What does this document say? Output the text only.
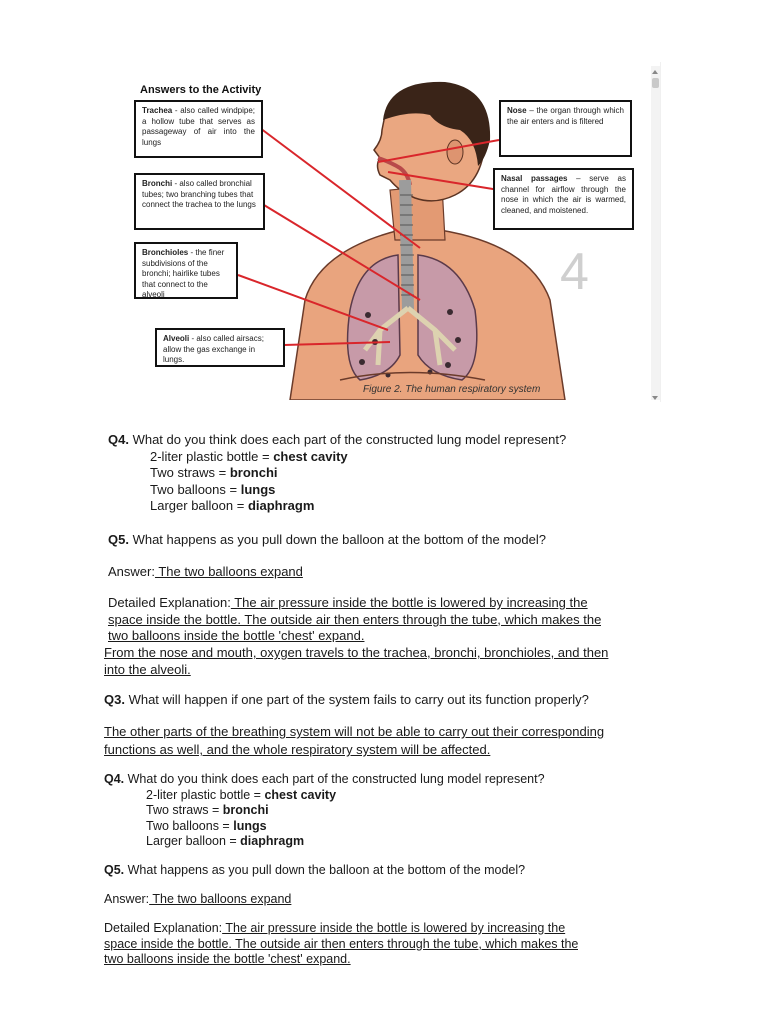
4
Answers to the Activity
Trachea - also called windpipe; a hollow tube that serves as passageway of air into the lungs
Bronchi - also called bronchial tubes; two branching tubes that connect the trachea to the lungs
Bronchioles - the finer subdivisions of the bronchi; hairlike tubes that connect to the alveoli
Alveoli - also called airsacs; allow the gas exchange in lungs.
Nose – the organ through which the air enters and is filtered
Nasal passages – serve as channel for airflow through the nose in which the air is warmed, cleaned, and moistened.
Figure 2. The human respiratory system
Q4. What do you think does each part of the constructed lung model represent?
2-liter plastic bottle = chest cavity
Two straws = bronchi
Two balloons = lungs
Larger balloon = diaphragm
Q5. What happens as you pull down the balloon at the bottom of the model?
Answer: The two balloons expand
Detailed Explanation: The air pressure inside the bottle is lowered by increasing the
space inside the bottle. The outside air then enters through the tube, which makes the
two balloons inside the bottle 'chest' expand.
From the nose and mouth, oxygen travels to the trachea, bronchi, bronchioles, and then
into the alveoli.
Q3. What will happen if one part of the system fails to carry out its function properly?
The other parts of the breathing system will not be able to carry out their corresponding
functions as well, and the whole respiratory system will be affected.
Q4. What do you think does each part of the constructed lung model represent?
2-liter plastic bottle = chest cavity
Two straws = bronchi
Two balloons = lungs
Larger balloon = diaphragm
Q5. What happens as you pull down the balloon at the bottom of the model?
Answer: The two balloons expand
Detailed Explanation: The air pressure inside the bottle is lowered by increasing the
space inside the bottle. The outside air then enters through the tube, which makes the
two balloons inside the bottle 'chest' expand.
